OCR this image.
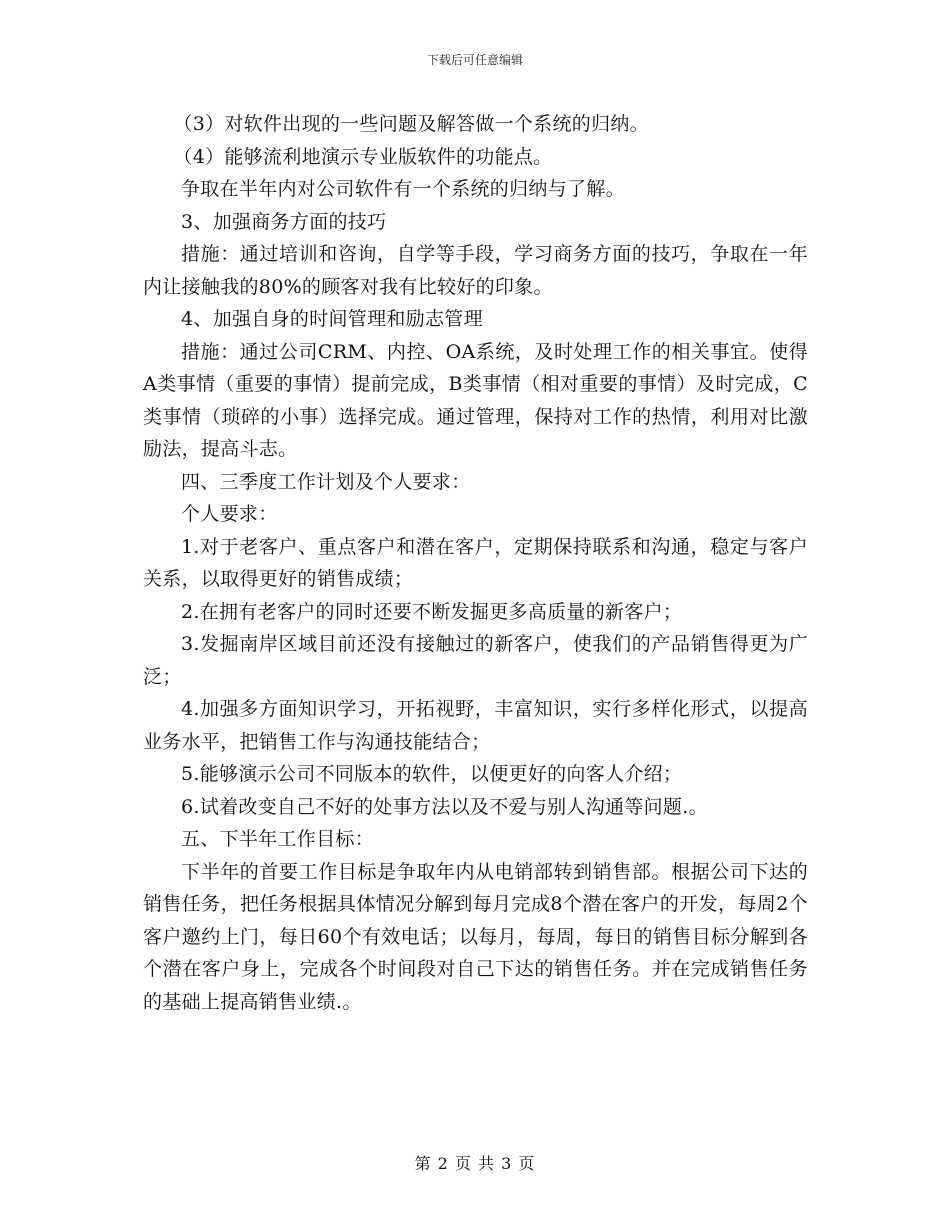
下载后可任意编辑

（3）对软件出现的一些问题及解答做一个系统的归纳。

（4）能够流利地演示专业版软件的功能点。

争取在半年内对公司软件有一个系统的归纳与了解。

3、加强商务方面的技巧

措施：通过培训和咨询，自学等手段，学习商务方面的技巧，争取在一年内让接触我的80%的顾客对我有比较好的印象。

4、加强自身的时间管理和励志管理

措施：通过公司CRM、内控、OA系统，及时处理工作的相关事宜。使得A类事情（重要的事情）提前完成，B类事情（相对重要的事情）及时完成，C类事情（琐碎的小事）选择完成。通过管理，保持对工作的热情，利用对比激励法，提高斗志。

四、三季度工作计划及个人要求：

个人要求：

1.对于老客户、重点客户和潜在客户，定期保持联系和沟通，稳定与客户关系，以取得更好的销售成绩；

2.在拥有老客户的同时还要不断发掘更多高质量的新客户；

3.发掘南岸区域目前还没有接触过的新客户，使我们的产品销售得更为广泛；

4.加强多方面知识学习，开拓视野，丰富知识，实行多样化形式，以提高业务水平，把销售工作与沟通技能结合；

5.能够演示公司不同版本的软件，以便更好的向客人介绍；

6.试着改变自己不好的处事方法以及不爱与别人沟通等问题.。

五、下半年工作目标：

下半年的首要工作目标是争取年内从电销部转到销售部。根据公司下达的销售任务，把任务根据具体情况分解到每月完成8个潜在客户的开发，每周2个客户邀约上门，每日60个有效电话；以每月，每周，每日的销售目标分解到各个潜在客户身上，完成各个时间段对自己下达的销售任务。并在完成销售任务的基础上提高销售业绩.。

第 2 页 共 3 页
